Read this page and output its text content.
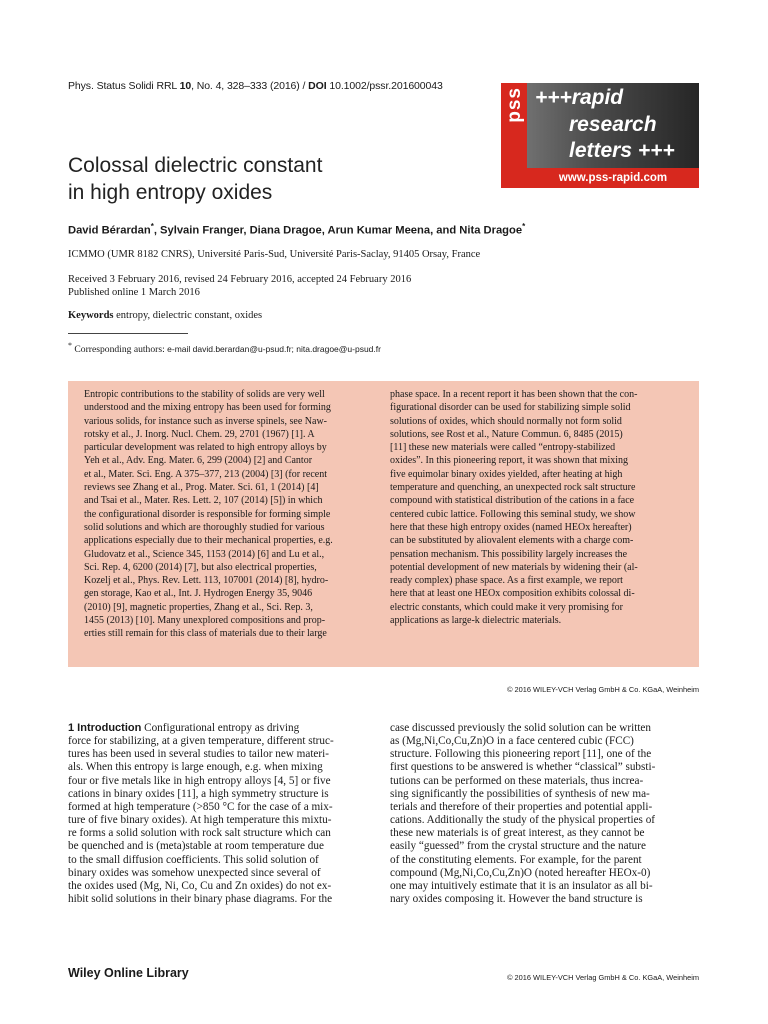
Phys. Status Solidi RRL 10, No. 4, 328–333 (2016) / DOI 10.1002/pssr.201600043
pss +++rapid
research
letters +++
www.pss-rapid.com
Colossal dielectric constant
in high entropy oxides
David Bérardan*, Sylvain Franger, Diana Dragoe, Arun Kumar Meena, and Nita Dragoe*
ICMMO (UMR 8182 CNRS), Université Paris-Sud, Université Paris-Saclay, 91405 Orsay, France
Received 3 February 2016, revised 24 February 2016, accepted 24 February 2016
Published online 1 March 2016
Keywords entropy, dielectric constant, oxides
* Corresponding authors: e-mail david.berardan@u-psud.fr; nita.dragoe@u-psud.fr
Entropic contributions to the stability of solids are very well
understood and the mixing entropy has been used for forming
various solids, for instance such as inverse spinels, see Naw-
rotsky et al., J. Inorg. Nucl. Chem. 29, 2701 (1967) [1]. A
particular development was related to high entropy alloys by
Yeh et al., Adv. Eng. Mater. 6, 299 (2004) [2] and Cantor
et al., Mater. Sci. Eng. A 375–377, 213 (2004) [3] (for recent
reviews see Zhang et al., Prog. Mater. Sci. 61, 1 (2014) [4]
and Tsai et al., Mater. Res. Lett. 2, 107 (2014) [5]) in which
the configurational disorder is responsible for forming simple
solid solutions and which are thoroughly studied for various
applications especially due to their mechanical properties, e.g.
Gludovatz et al., Science 345, 1153 (2014) [6] and Lu et al.,
Sci. Rep. 4, 6200 (2014) [7], but also electrical properties,
Kozelj et al., Phys. Rev. Lett. 113, 107001 (2014) [8], hydro-
gen storage, Kao et al., Int. J. Hydrogen Energy 35, 9046
(2010) [9], magnetic properties, Zhang et al., Sci. Rep. 3,
1455 (2013) [10]. Many unexplored compositions and prop-
erties still remain for this class of materials due to their large
phase space. In a recent report it has been shown that the con-
figurational disorder can be used for stabilizing simple solid
solutions of oxides, which should normally not form solid
solutions, see Rost et al., Nature Commun. 6, 8485 (2015)
[11] these new materials were called “entropy-stabilized
oxides”. In this pioneering report, it was shown that mixing
five equimolar binary oxides yielded, after heating at high
temperature and quenching, an unexpected rock salt structure
compound with statistical distribution of the cations in a face
centered cubic lattice. Following this seminal study, we show
here that these high entropy oxides (named HEOx hereafter)
can be substituted by aliovalent elements with a charge com-
pensation mechanism. This possibility largely increases the
potential development of new materials by widening their (al-
ready complex) phase space. As a first example, we report
here that at least one HEOx composition exhibits colossal di-
electric constants, which could make it very promising for
applications as large-k dielectric materials.
© 2016 WILEY-VCH Verlag GmbH & Co. KGaA, Weinheim
1 Introduction Configurational entropy as driving
force for stabilizing, at a given temperature, different struc-
tures has been used in several studies to tailor new materi-
als. When this entropy is large enough, e.g. when mixing
four or five metals like in high entropy alloys [4, 5] or five
cations in binary oxides [11], a high symmetry structure is
formed at high temperature (>850 °C for the case of a mix-
ture of five binary oxides). At high temperature this mixtu-
re forms a solid solution with rock salt structure which can
be quenched and is (meta)stable at room temperature due
to the small diffusion coefficients. This solid solution of
binary oxides was somehow unexpected since several of
the oxides used (Mg, Ni, Co, Cu and Zn oxides) do not ex-
hibit solid solutions in their binary phase diagrams. For the
case discussed previously the solid solution can be written
as (Mg,Ni,Co,Cu,Zn)O in a face centered cubic (FCC)
structure. Following this pioneering report [11], one of the
first questions to be answered is whether “classical” substi-
tutions can be performed on these materials, thus increa-
sing significantly the possibilities of synthesis of new ma-
terials and therefore of their properties and potential appli-
cations. Additionally the study of the physical properties of
these new materials is of great interest, as they cannot be
easily “guessed” from the crystal structure and the nature
of the constituting elements. For example, for the parent
compound (Mg,Ni,Co,Cu,Zn)O (noted hereafter HEOx-0)
one may intuitively estimate that it is an insulator as all bi-
nary oxides composing it. However the band structure is
Wiley Online Library	© 2016 WILEY-VCH Verlag GmbH & Co. KGaA, Weinheim
